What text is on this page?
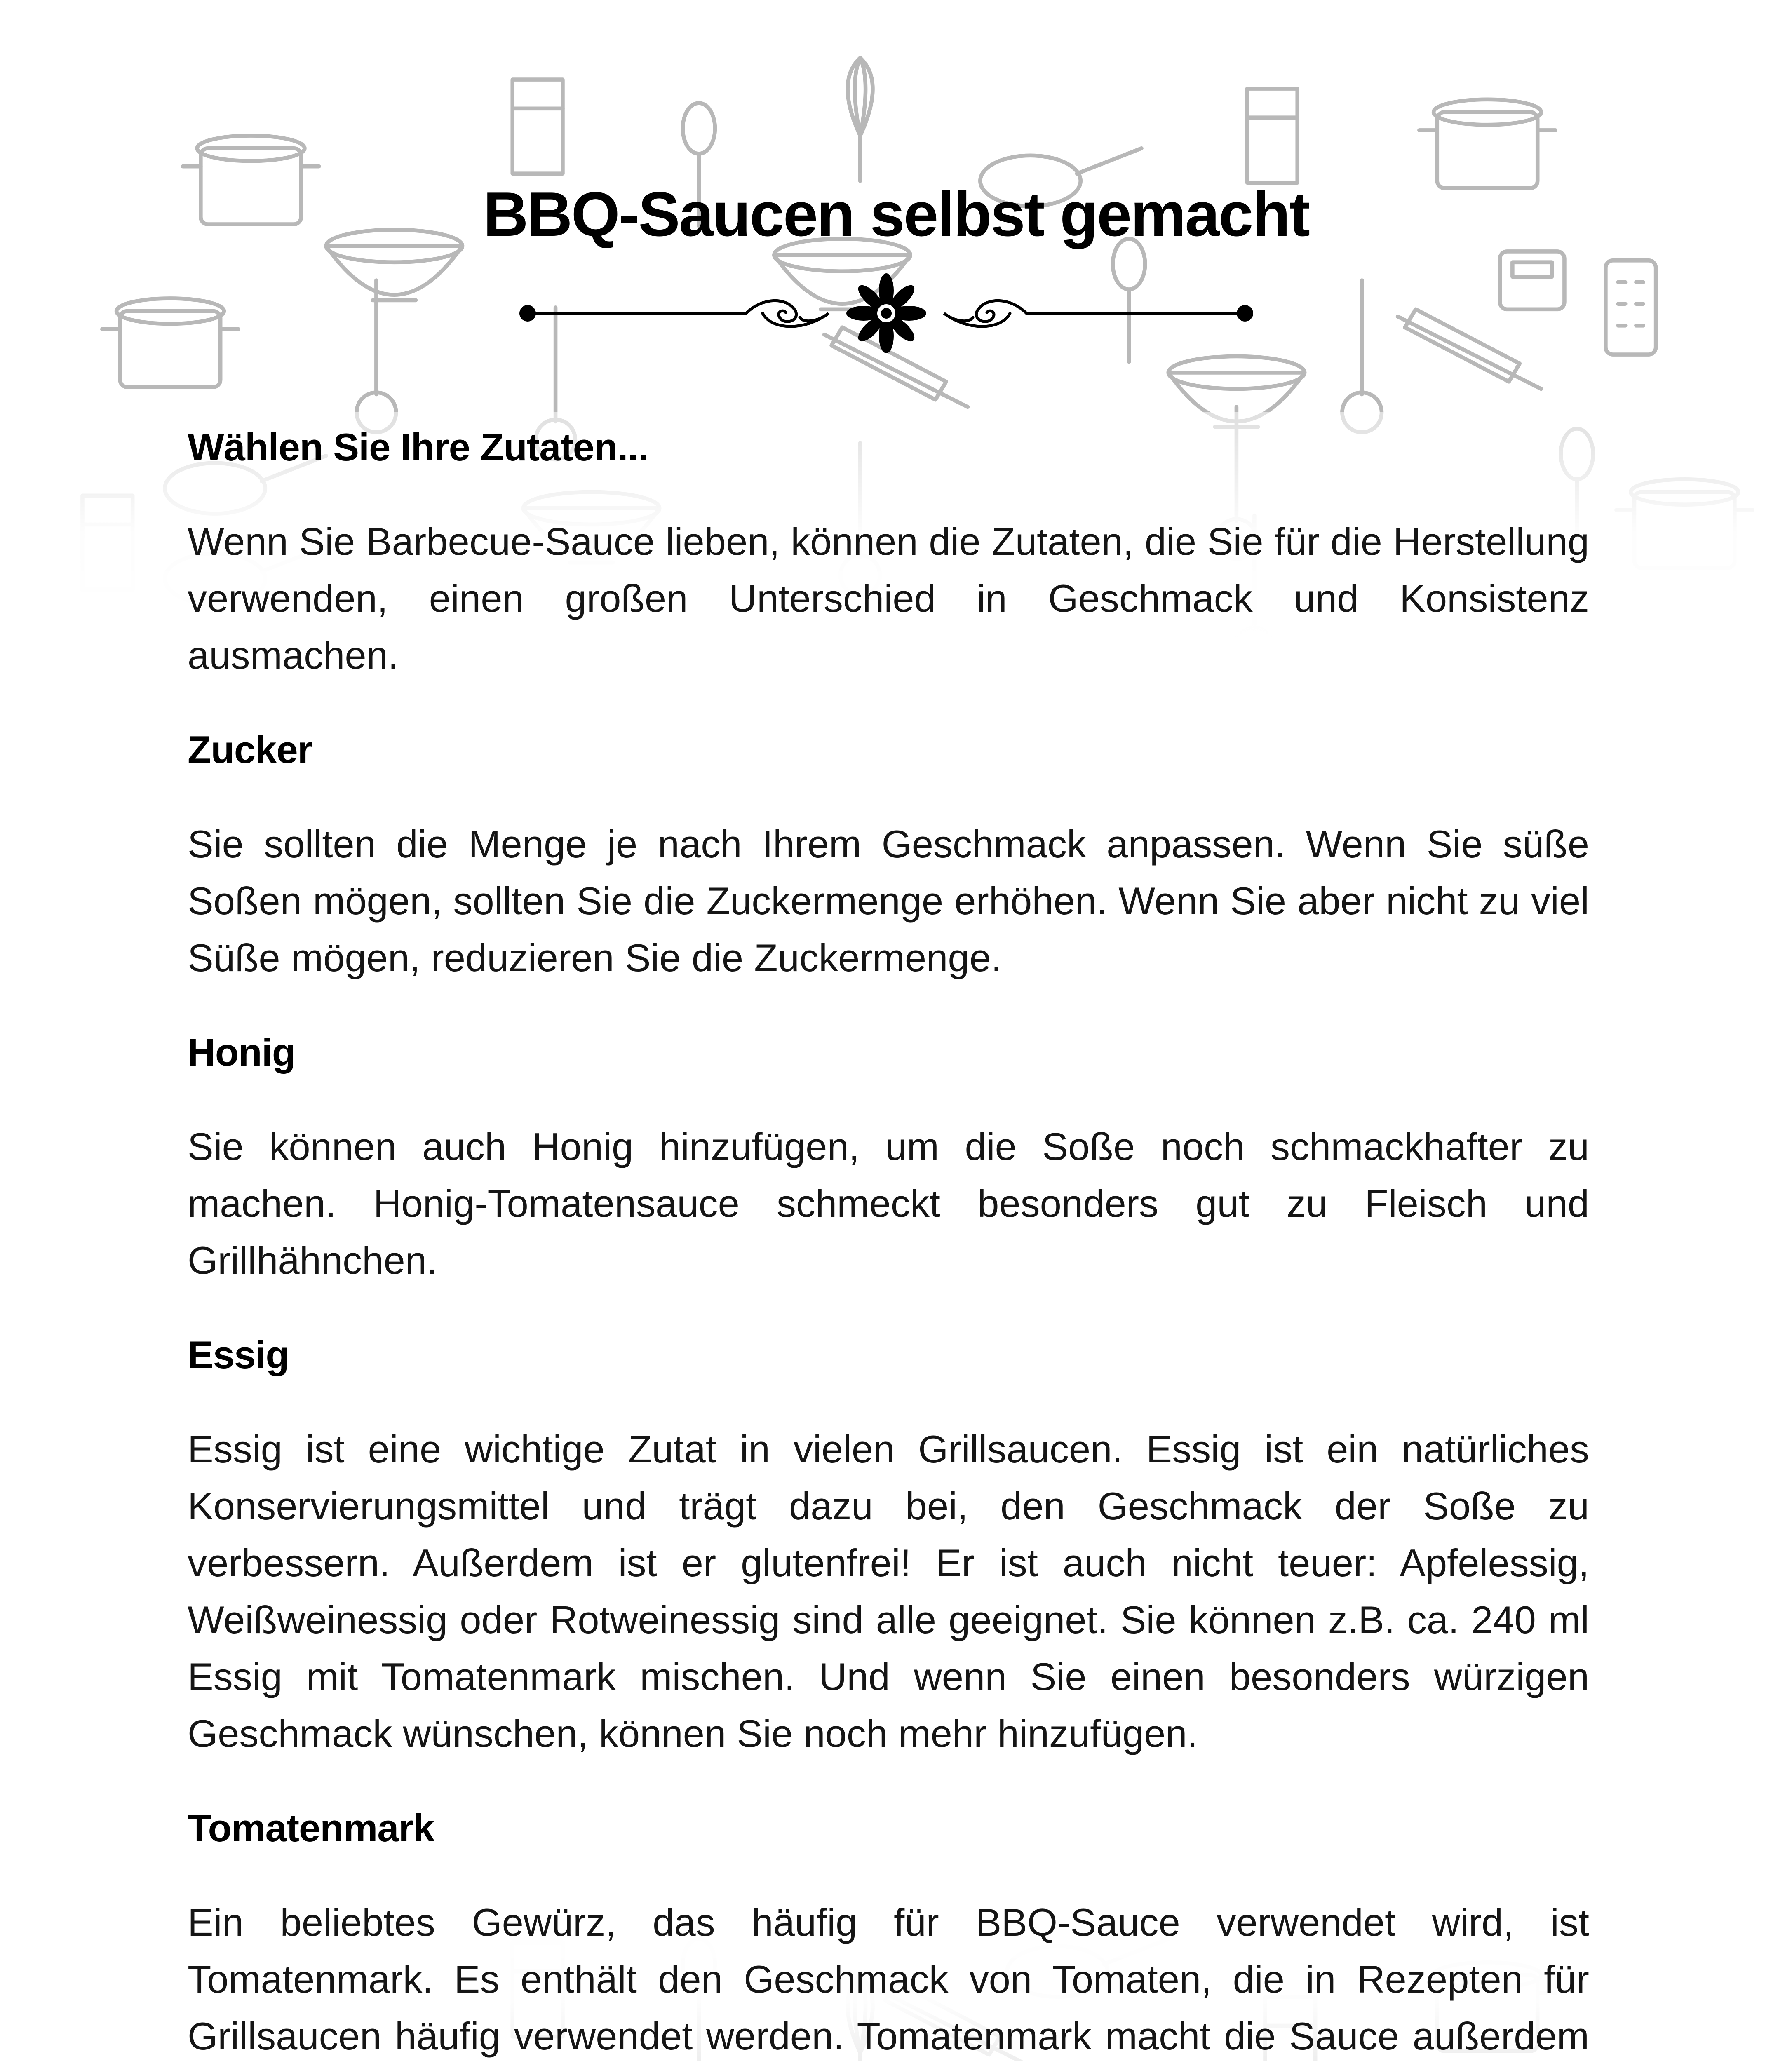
BBQ-Saucen selbst gemacht
Wählen Sie Ihre Zutaten...

Wenn Sie Barbecue-Sauce lieben, können die Zutaten, die Sie für die Herstellung verwenden, einen großen Unterschied in Geschmack und Konsistenz ausmachen.

Zucker

Sie sollten die Menge je nach Ihrem Geschmack anpassen. Wenn Sie süße Soßen mögen, sollten Sie die Zuckermenge erhöhen. Wenn Sie aber nicht zu viel Süße mögen, reduzieren Sie die Zuckermenge.

Honig

Sie können auch Honig hinzufügen, um die Soße noch schmackhafter zu machen. Honig-Tomatensauce schmeckt besonders gut zu Fleisch und Grillhähnchen.

Essig

Essig ist eine wichtige Zutat in vielen Grillsaucen. Essig ist ein natürliches Konservierungsmittel und trägt dazu bei, den Geschmack der Soße zu verbessern. Außerdem ist er glutenfrei! Er ist auch nicht teuer: Apfelessig, Weißweinessig oder Rotweinessig sind alle geeignet. Sie können z.B. ca. 240 ml Essig mit Tomatenmark mischen. Und wenn Sie einen besonders würzigen Geschmack wünschen, können Sie noch mehr hinzufügen.

Tomatenmark

Ein beliebtes Gewürz, das häufig für BBQ-Sauce verwendet wird, ist Tomatenmark. Es enthält den Geschmack von Tomaten, die in Rezepten für Grillsaucen häufig verwendet werden. Tomatenmark macht die Sauce außerdem
